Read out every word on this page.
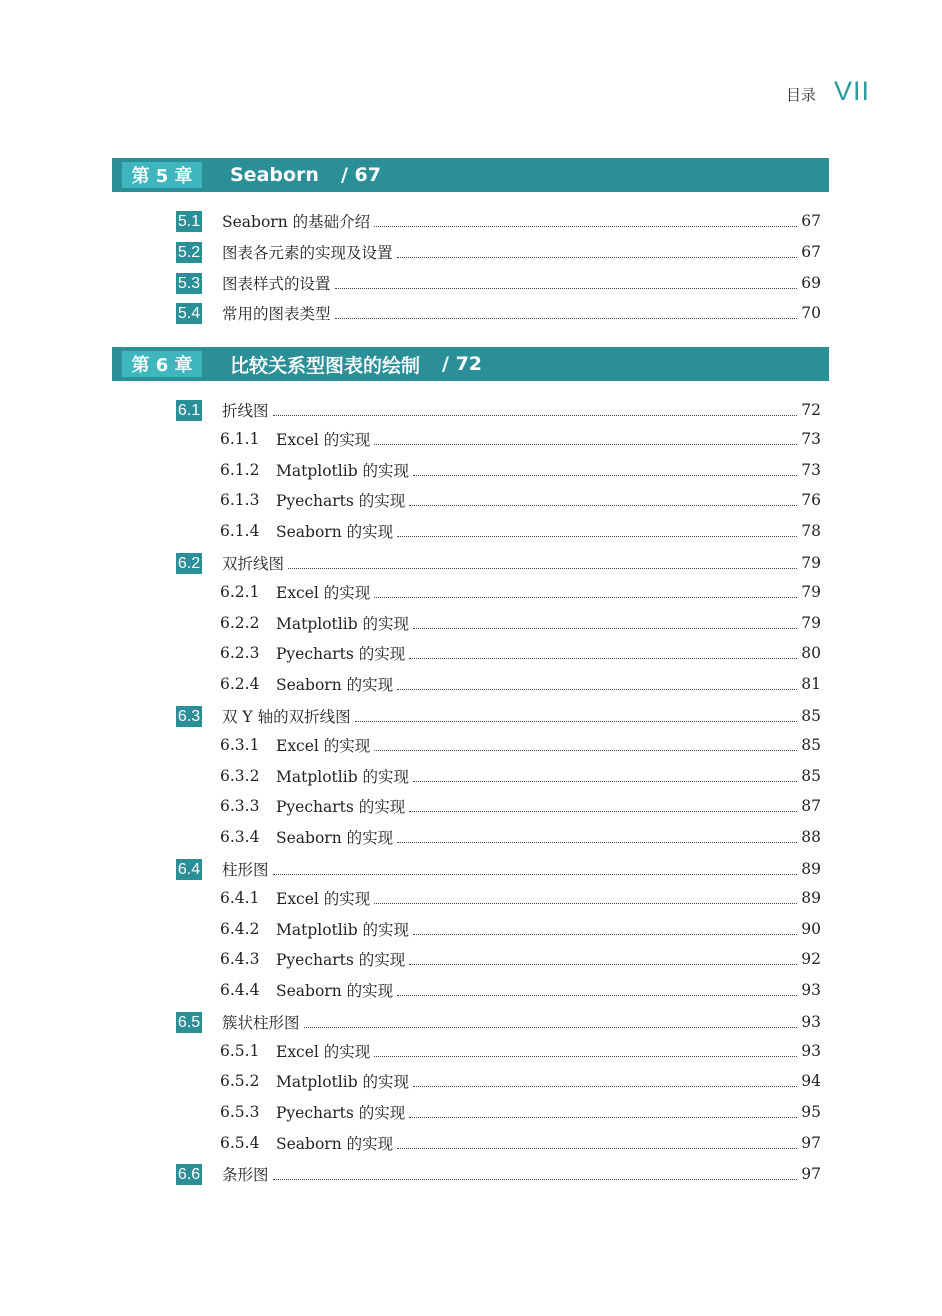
目录 VII
第 5 章	Seaborn / 67
5.1 Seaborn 的基础介绍	67
5.2 图表各元素的实现及设置	67
5.3 图表样式的设置	69
5.4 常用的图表类型	70
第 6 章	比较关系型图表的绘制 / 72
6.1 折线图	72
6.1.1	Excel 的实现	73
6.1.2	Matplotlib 的实现	73
6.1.3	Pyecharts 的实现	76
6.1.4	Seaborn 的实现	78
6.2 双折线图	79
6.2.1	Excel 的实现	79
6.2.2	Matplotlib 的实现	79
6.2.3	Pyecharts 的实现	80
6.2.4	Seaborn 的实现	81
6.3 双 Y 轴的双折线图	85
6.3.1	Excel 的实现	85
6.3.2	Matplotlib 的实现	85
6.3.3	Pyecharts 的实现	87
6.3.4	Seaborn 的实现	88
6.4 柱形图	89
6.4.1	Excel 的实现	89
6.4.2	Matplotlib 的实现	90
6.4.3	Pyecharts 的实现	92
6.4.4	Seaborn 的实现	93
6.5 簇状柱形图	93
6.5.1	Excel 的实现	93
6.5.2	Matplotlib 的实现	94
6.5.3	Pyecharts 的实现	95
6.5.4	Seaborn 的实现	97
6.6 条形图	97
